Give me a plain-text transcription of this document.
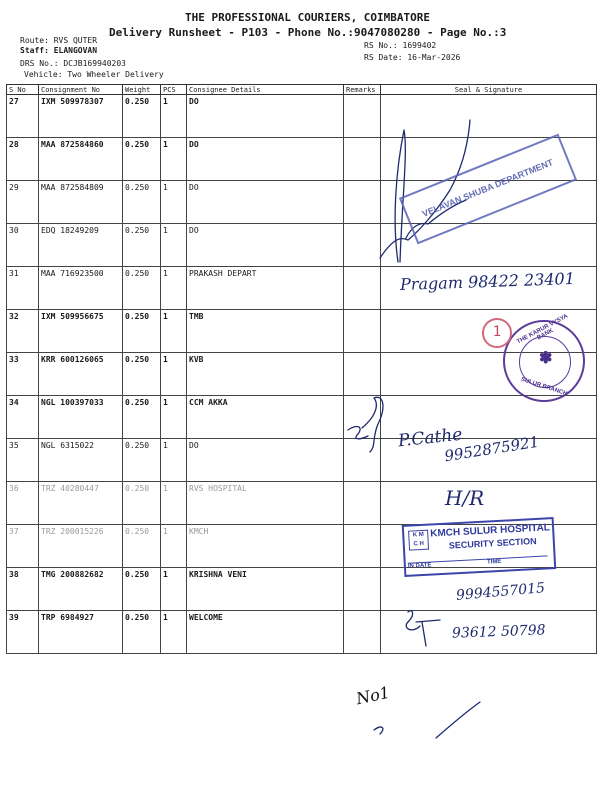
THE PROFESSIONAL COURIERS, COIMBATORE
Delivery Runsheet - P103 - Phone No.:9047080280 - Page No.:3
Route: RVS QUTER
Staff: ELANGOVAN
DRS No.: DCJB169940203
Vehicle: Two Wheeler Delivery
RS No.: 1699402
RS Date: 16-Mar-2026
S No	Consignment No	Weight	PCS	Consignee Details	Remarks	Seal & Signature
27	IXM 509978307	0.250	1	DO		
28	MAA 872584860	0.250	1	DO		
29	MAA 872584809	0.250	1	DO		
30	EDQ 18249209	0.250	1	DO		
31	MAA 716923500	0.250	1	PRAKASH DEPART		
32	IXM 509956675	0.250	1	TMB		
33	KRR 600126065	0.250	1	KVB		
34	NGL 100397033	0.250	1	CCM AKKA		
35	NGL 6315022	0.250	1	DO		
36	TRZ 40280447	0.250	1	RVS HOSPITAL		
37	TRZ 200015226	0.250	1	KMCH		
38	TMG 200882682	0.250	1	KRISHNA VENI		
39	TRP 6984927	0.250	1	WELCOME		
VELAVAN SHUBA DEPARTMENT
THE KARUR VYSYA BANK
SULUR BRANCH
✽
1
K M
C H
KMCH SULUR HOSPITAL
SECURITY SECTION
IN DATE TIME
Pragam 98422 23401
P.Cathe
9952875921
H/R
9994557015
93612 50798
No1
